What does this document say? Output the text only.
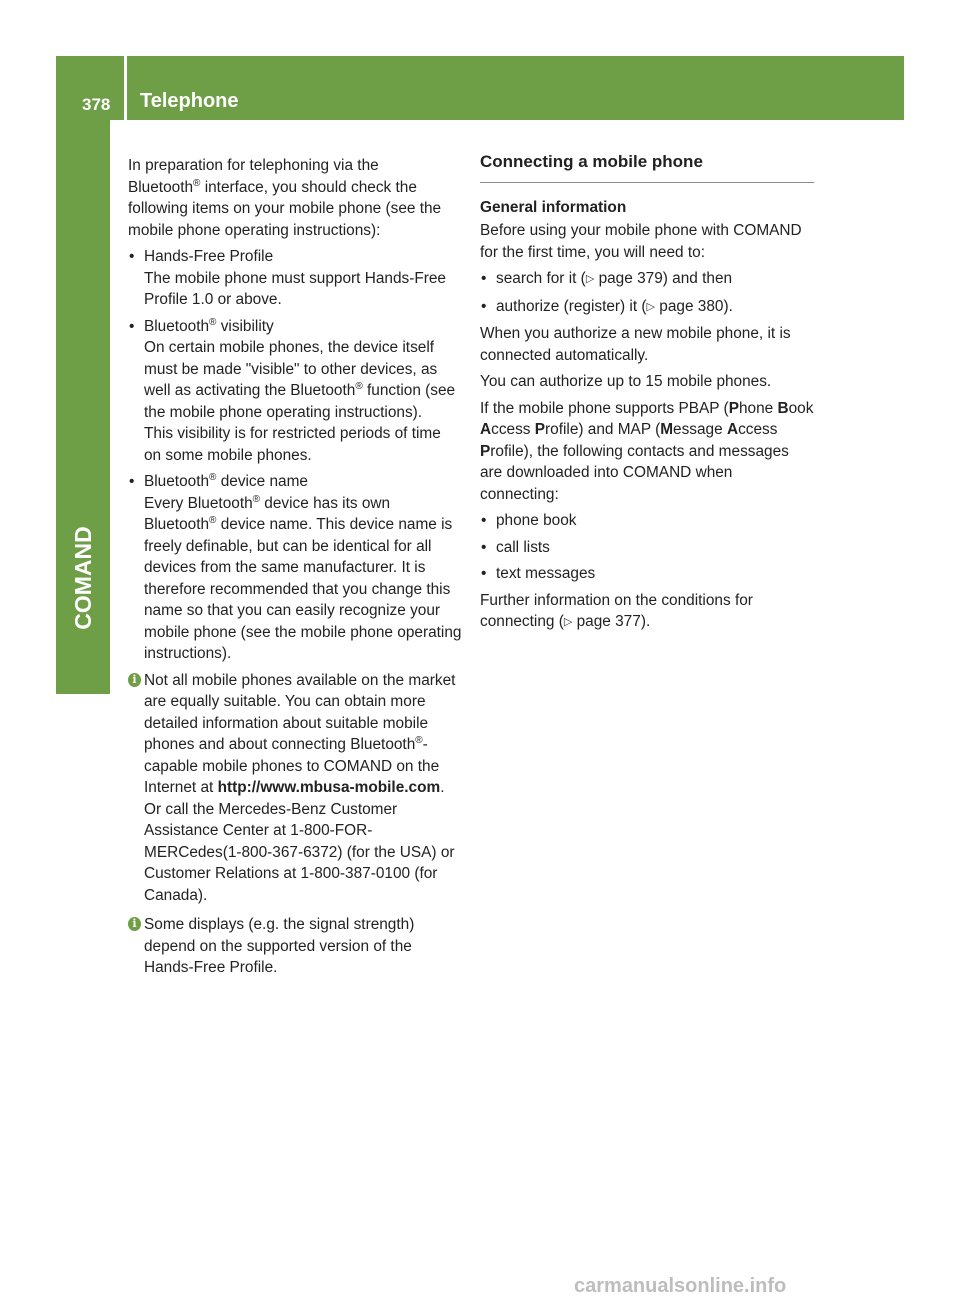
378 Telephone
COMAND

In preparation for telephoning via the
Bluetooth® interface, you should check the following items on your mobile phone (see the mobile phone operating instructions):

• Hands-Free Profile

The mobile phone must support Hands-Free Profile 1.0 or above.

• Bluetooth® visibility

On certain mobile phones, the device itself must be made "visible" to other devices, as well as activating the Bluetooth® function (see the mobile phone operating instructions).

This visibility is for restricted periods of time on some mobile phones.

• Bluetooth® device name

Every Bluetooth® device has its own Bluetooth® device name. This device name is freely definable, but can be identical for all devices from the same manufacturer. It is therefore recommended that you change this name so that you can easily recognize your mobile phone (see the mobile phone operating instructions).

i Not all mobile phones available on the market are equally suitable. You can obtain more detailed information about suitable mobile phones and about connecting Bluetooth®-capable mobile phones to COMAND on the Internet at http://www.mbusa-mobile.com. Or call the Mercedes-Benz Customer Assistance Center at 1-800-FOR-MERCedes(1-800-367-6372) (for the USA) or Customer Relations at 1-800-387-0100 (for Canada).

i Some displays (e.g. the signal strength) depend on the supported version of the Hands-Free Profile.

Connecting a mobile phone

General information

Before using your mobile phone with COMAND for the first time, you will need to:

• search for it (▷ page 379) and then

• authorize (register) it (▷ page 380).

When you authorize a new mobile phone, it is connected automatically.

You can authorize up to 15 mobile phones.

If the mobile phone supports PBAP (Phone Book Access Profile) and MAP (Message Access Profile), the following contacts and messages are downloaded into COMAND when connecting:

• phone book

• call lists

• text messages

Further information on the conditions for connecting (▷ page 377).

carmanualsonline.info
